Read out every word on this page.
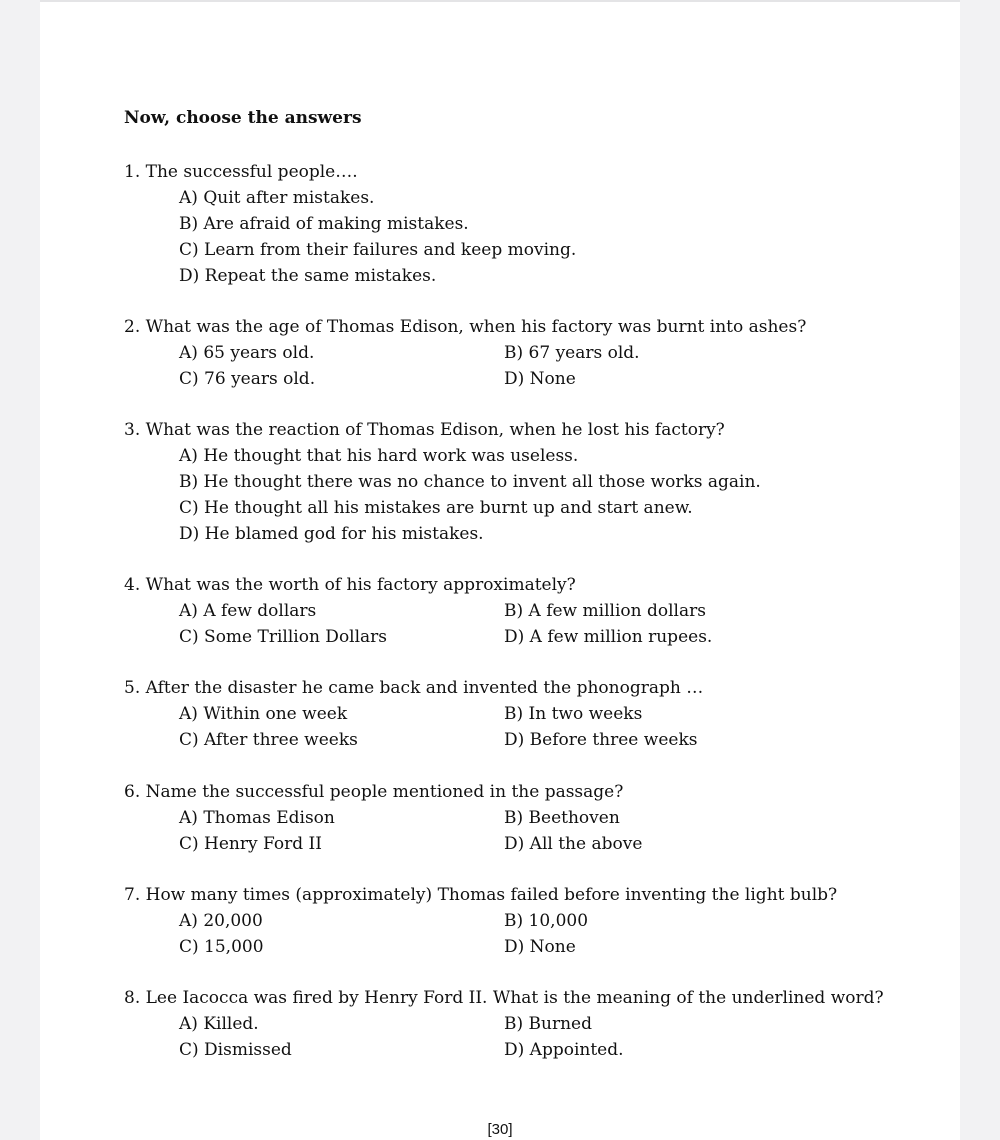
Now, choose the answers
1. The successful people….
A) Quit after mistakes.
B) Are afraid of making mistakes.
C) Learn from their failures and keep moving.
D) Repeat the same mistakes.
2. What was the age of Thomas Edison, when his factory was burnt into ashes?
A) 65 years old.	B) 67 years old.
C) 76 years old.	D) None
3. What was the reaction of Thomas Edison, when he lost his factory?
A) He thought that his hard work was useless.
B) He thought there was no chance to invent all those works again.
C) He thought all his mistakes are burnt up and start anew.
D) He blamed god for his mistakes.
4. What was the worth of his factory approximately?
A) A few dollars	B) A few million dollars
C) Some Trillion Dollars	D) A few million rupees.
5. After the disaster he came back and invented the phonograph …
A) Within one week	B) In two weeks
C) After three weeks	D) Before three weeks
6. Name the successful people mentioned in the passage?
A) Thomas Edison	B) Beethoven
C) Henry Ford II	D) All the above
7. How many times (approximately) Thomas failed before inventing the light bulb?
A) 20,000	B) 10,000
C) 15,000	D) None
8. Lee Iacocca was fired by Henry Ford II. What is the meaning of the underlined word?
A) Killed.	B) Burned
C) Dismissed	D) Appointed.
[30]
